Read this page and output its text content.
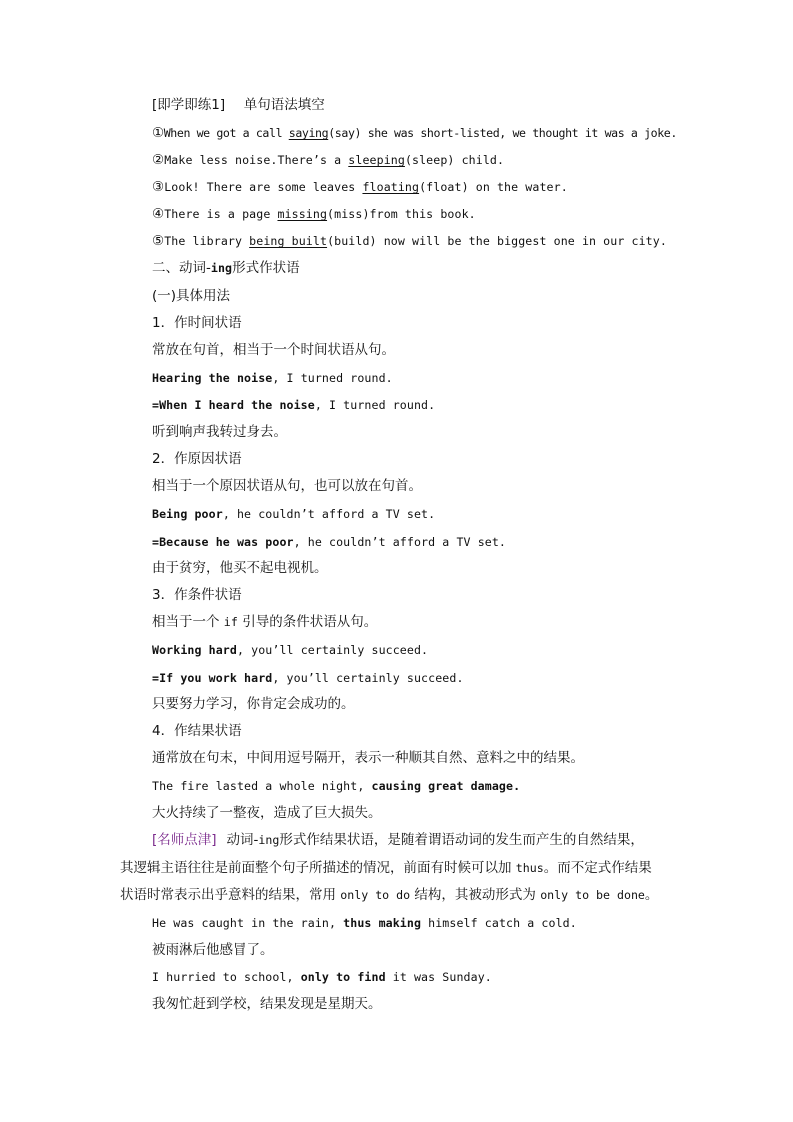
[即学即练1] 单句语法填空
①When we got a call saying(say) she was short-listed, we thought it was a joke.
②Make less noise.There’s a sleeping(sleep) child.
③Look! There are some leaves floating(float) on the water.
④There is a page missing(miss)from this book.
⑤The library being built(build) now will be the biggest one in our city.
二、动词-ing形式作状语
(一)具体用法
1．作时间状语
常放在句首，相当于一个时间状语从句。
Hearing the noise, I turned round.
=When I heard the noise, I turned round.
听到响声我转过身去。
2．作原因状语
相当于一个原因状语从句，也可以放在句首。
Being poor, he couldn’t afford a TV set.
=Because he was poor, he couldn’t afford a TV set.
由于贫穷，他买不起电视机。
3．作条件状语
相当于一个 if 引导的条件状语从句。
Working hard, you’ll certainly succeed.
=If you work hard, you’ll certainly succeed.
只要努力学习，你肯定会成功的。
4．作结果状语
通常放在句末，中间用逗号隔开，表示一种顺其自然、意料之中的结果。
The fire lasted a whole night, causing great damage.
大火持续了一整夜，造成了巨大损失。
[名师点津] 动词-ing形式作结果状语，是随着谓语动词的发生而产生的自然结果，
其逻辑主语往往是前面整个句子所描述的情况，前面有时候可以加 thus。而不定式作结果
状语时常表示出乎意料的结果，常用 only to do 结构，其被动形式为 only to be done。
He was caught in the rain, thus making himself catch a cold.
被雨淋后他感冒了。
I hurried to school, only to find it was Sunday.
我匆忙赶到学校，结果发现是星期天。
